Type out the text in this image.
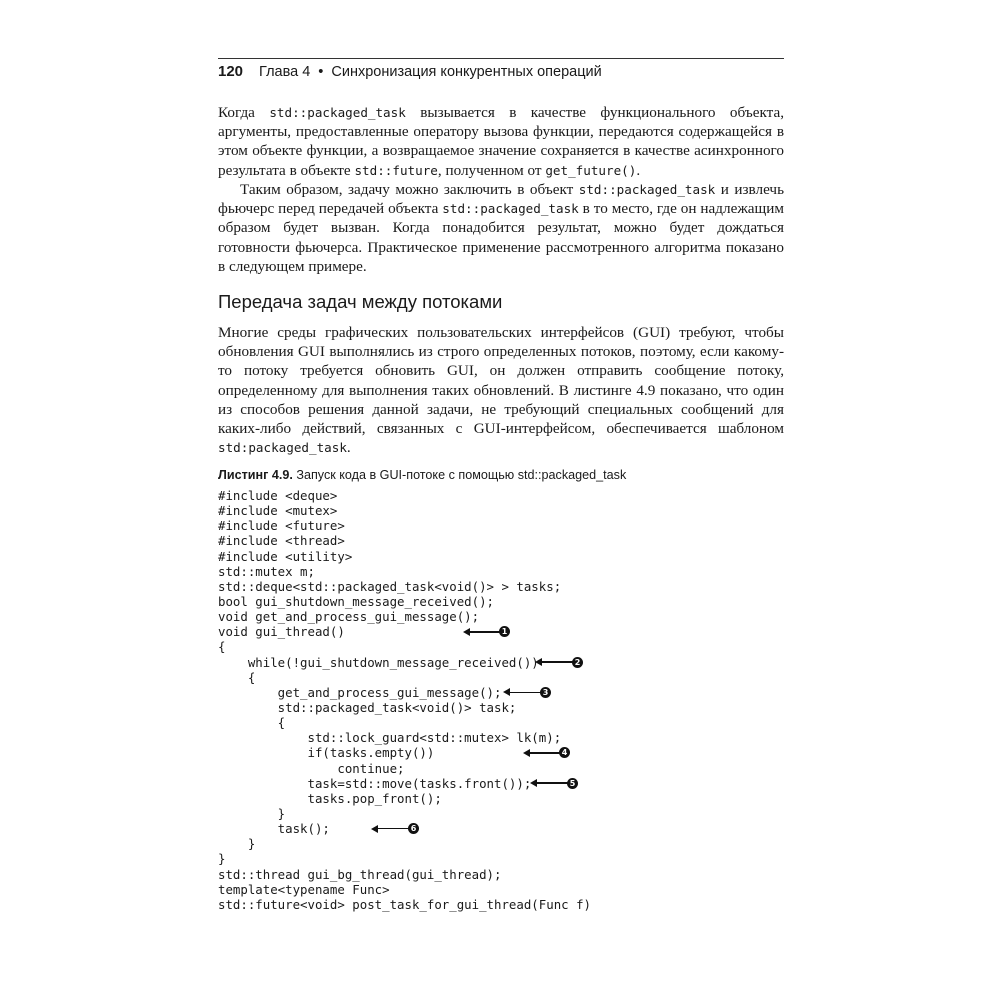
120 Глава 4 • Синхронизация конкурентных операций

Когда std::packaged_task вызывается в качестве функционального объекта, аргументы, предоставленные оператору вызова функции, передаются содержащейся в этом объекте функции, а возвращаемое значение сохраняется в качестве асинхронного результата в объекте std::future, полученном от get_future().

Таким образом, задачу можно заключить в объект std::packaged_task и извлечь фьючерс перед передачей объекта std::packaged_task в то место, где он надлежащим образом будет вызван. Когда понадобится результат, можно будет дождаться готовности фьючерса. Практическое применение рассмотренного алгоритма показано в следующем примере.

Передача задач между потоками

Многие среды графических пользовательских интерфейсов (GUI) требуют, чтобы обновления GUI выполнялись из строго определенных потоков, поэтому, если какому-то потоку требуется обновить GUI, он должен отправить сообщение потоку, определенному для выполнения таких обновлений. В листинге 4.9 показано, что один из способов решения данной задачи, не требующий специальных сообщений для каких-либо действий, связанных с GUI-интерфейсом, обеспечивается шаблоном std:packaged_task.

Листинг 4.9. Запуск кода в GUI-потоке с помощью std::packaged_task
#include <deque>
#include <mutex>
#include <future>
#include <thread>
#include <utility>
std::mutex m;
std::deque<std::packaged_task<void()> > tasks;
bool gui_shutdown_message_received();
void get_and_process_gui_message();
void gui_thread()	1
{
while(!gui_shutdown_message_received())	2
{
get_and_process_gui_message();	3
std::packaged_task<void()> task;
{
std::lock_guard<std::mutex> lk(m);
if(tasks.empty())	4
continue;
task=std::move(tasks.front());	5
tasks.pop_front();
}
task();	6
}
}
std::thread gui_bg_thread(gui_thread);
template<typename Func>
std::future<void> post_task_for_gui_thread(Func f)
